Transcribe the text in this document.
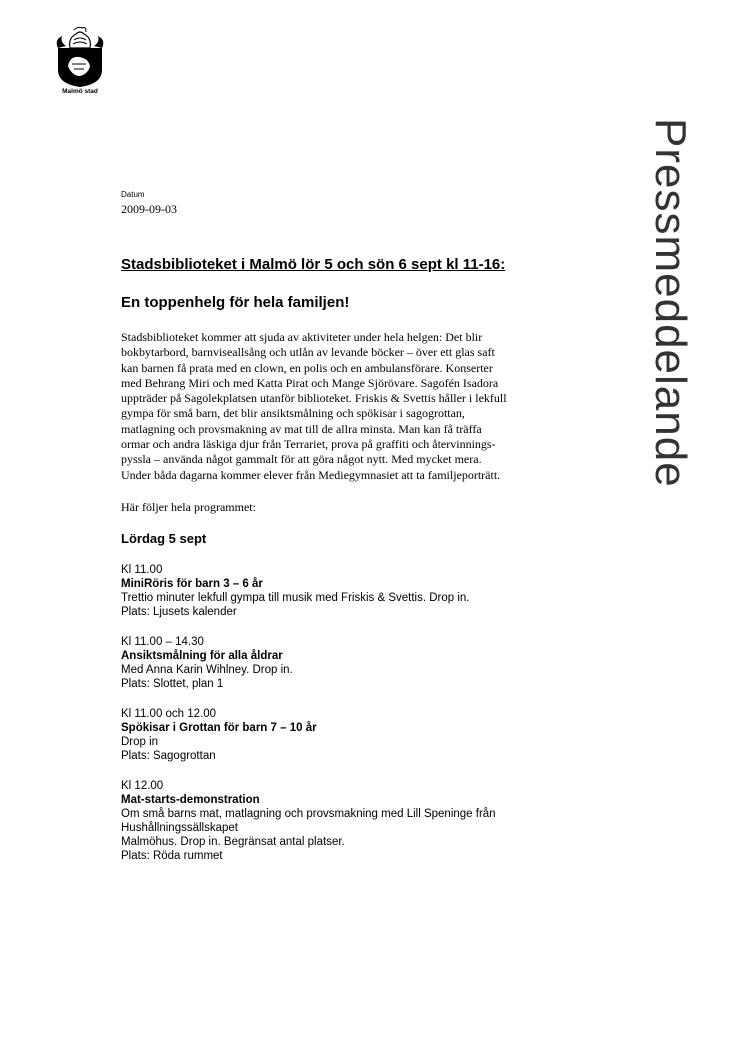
Malmö stad
Pressmeddelande

Datum

2009-09-03

Stadsbiblioteket i Malmö lör 5 och sön 6 sept kl 11-16:
En toppenhelg för hela familjen!
Stadsbiblioteket kommer att sjuda av aktiviteter under hela helgen: Det blir
bokbytarbord, barnviseallsång och utlån av levande böcker – över ett glas saft
kan barnen få prata med en clown, en polis och en ambulansförare. Konserter
med Behrang Miri och med Katta Pirat och Mange Sjörövare. Sagofén Isadora
uppträder på Sagolekplatsen utanför biblioteket. Friskis & Svettis håller i lekfull
gympa för små barn, det blir ansiktsmålning och spökisar i sagogrottan,
matlagning och provsmakning av mat till de allra minsta. Man kan få träffa
ormar och andra läskiga djur från Terrariet, prova på graffiti och återvinnings-
pyssla – använda något gammalt för att göra något nytt. Med mycket mera.
Under båda dagarna kommer elever från Mediegymnasiet att ta familjeporträtt.

Här följer hela programmet:

Lördag 5 sept
Kl 11.00
MiniRöris för barn 3 – 6 år
Trettio minuter lekfull gympa till musik med Friskis & Svettis. Drop in.
Plats: Ljusets kalender
Kl 11.00 – 14.30
Ansiktsmålning för alla åldrar
Med Anna Karin Wihlney. Drop in.
Plats: Slottet, plan 1
Kl 11.00 och 12.00
Spökisar i Grottan för barn 7 – 10 år
Drop in
Plats: Sagogrottan
Kl 12.00
Mat-starts-demonstration
Om små barns mat, matlagning och provsmakning med Lill Speninge från
Hushållningssällskapet
Malmöhus. Drop in. Begränsat antal platser.
Plats: Röda rummet
